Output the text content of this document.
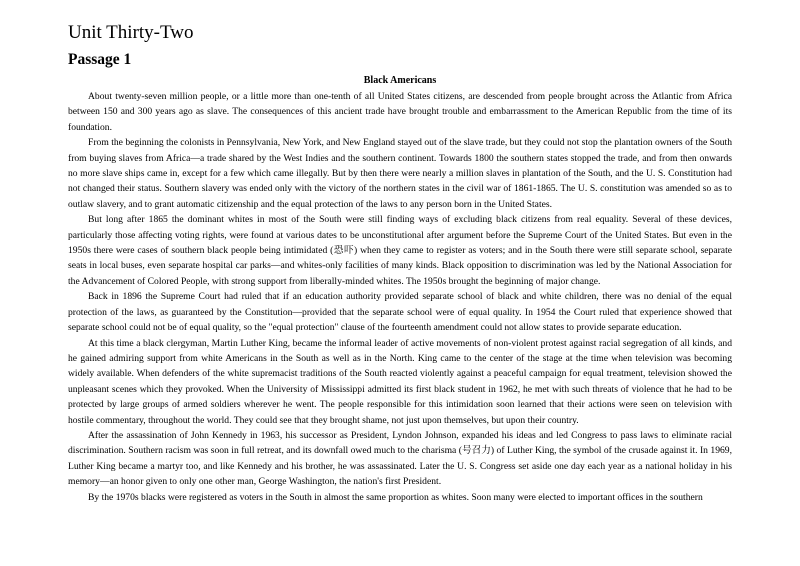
Unit Thirty-Two
Passage 1
Black Americans

About twenty-seven million people, or a little more than one-tenth of all United States citizens, are descended from people brought across the Atlantic from Africa between 150 and 300 years ago as slave. The consequences of this ancient trade have brought trouble and embarrassment to the American Republic from the time of its foundation.

From the beginning the colonists in Pennsylvania, New York, and New England stayed out of the slave trade, but they could not stop the plantation owners of the South from buying slaves from Africa—a trade shared by the West Indies and the southern continent. Towards 1800 the southern states stopped the trade, and from then onwards no more slave ships came in, except for a few which came illegally. But by then there were nearly a million slaves in plantation of the South, and the U. S. Constitution had not changed their status. Southern slavery was ended only with the victory of the northern states in the civil war of 1861-1865. The U. S. constitution was amended so as to outlaw slavery, and to grant automatic citizenship and the equal protection of the laws to any person born in the United States.

But long after 1865 the dominant whites in most of the South were still finding ways of excluding black citizens from real equality. Several of these devices, particularly those affecting voting rights, were found at various dates to be unconstitutional after argument before the Supreme Court of the United States. But even in the 1950s there were cases of southern black people being intimidated (恐吓) when they came to register as voters; and in the South there were still separate school, separate seats in local buses, even separate hospital car parks—and whites-only facilities of many kinds. Black opposition to discrimination was led by the National Association for the Advancement of Colored People, with strong support from liberally-minded whites. The 1950s brought the beginning of major change.

Back in 1896 the Supreme Court had ruled that if an education authority provided separate school of black and white children, there was no denial of the equal protection of the laws, as guaranteed by the Constitution—provided that the separate school were of equal quality. In 1954 the Court ruled that experience showed that separate school could not be of equal quality, so the "equal protection" clause of the fourteenth amendment could not allow states to provide separate education.

At this time a black clergyman, Martin Luther King, became the informal leader of active movements of non-violent protest against racial segregation of all kinds, and he gained admiring support from white Americans in the South as well as in the North. King came to the center of the stage at the time when television was becoming widely available. When defenders of the white supremacist traditions of the South reacted violently against a peaceful campaign for equal treatment, television showed the unpleasant scenes which they provoked. When the University of Mississippi admitted its first black student in 1962, he met with such threats of violence that he had to be protected by large groups of armed soldiers wherever he went. The people responsible for this intimidation soon learned that their actions were seen on television with hostile commentary, throughout the world. They could see that they brought shame, not just upon themselves, but upon their country.

After the assassination of John Kennedy in 1963, his successor as President, Lyndon Johnson, expanded his ideas and led Congress to pass laws to eliminate racial discrimination. Southern racism was soon in full retreat, and its downfall owed much to the charisma (号召力) of Luther King, the symbol of the crusade against it. In 1969, Luther King became a martyr too, and like Kennedy and his brother, he was assassinated. Later the U. S. Congress set aside one day each year as a national holiday in his memory—an honor given to only one other man, George Washington, the nation's first President.

By the 1970s blacks were registered as voters in the South in almost the same proportion as whites. Soon many were elected to important offices in the southern
